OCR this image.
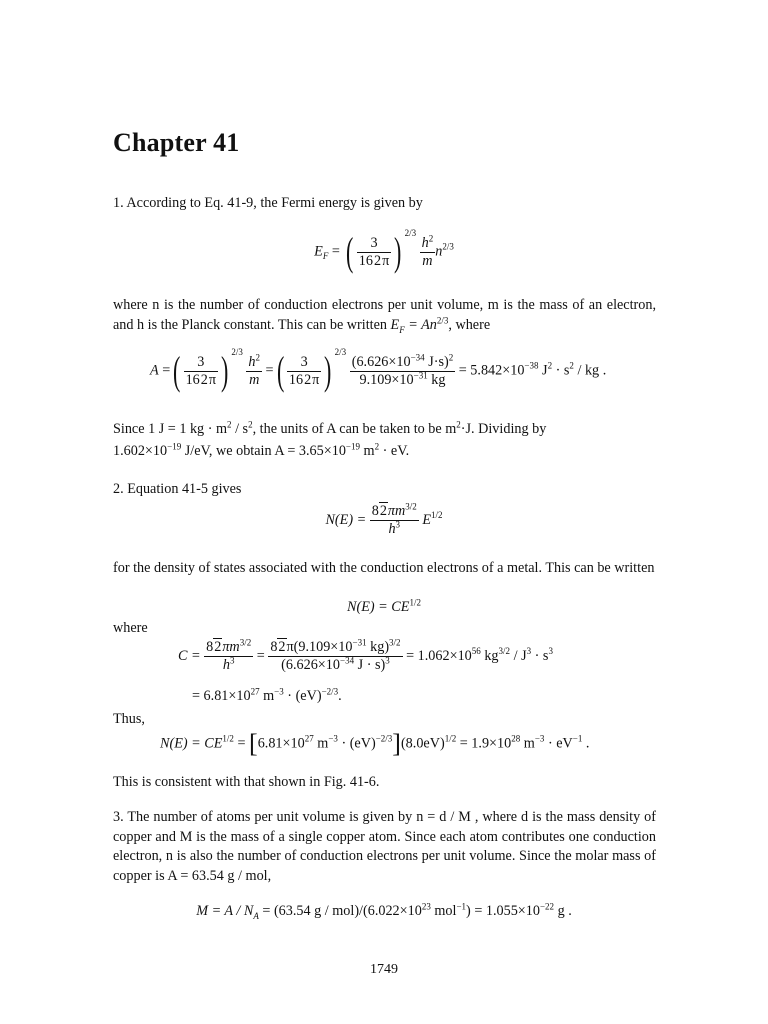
Chapter 41
1. According to Eq. 41-9, the Fermi energy is given by
$E_F$ = ( $\frac{3}{162\pi}$ ) $^{2/3}$
$\frac{h^2}{m} n^{2/3}$
where n is the number of conduction electrons per unit volume, m is the mass of an electron, and h is the Planck constant. This can be written $E_F = An^{2/3}$, where
A =( $\frac{3}{162\pi}$ ) $^{2/3}$
$\frac{h^2}{m}$ =( $\frac{3}{162\pi}$ ) $^{2/3}$
$\frac{(6.626\times 10^{-34} J\cdot s)^2}{9.109\times 10^{-31} kg} = 5.842\times 10^{-38}$ $J^2 \cdot s^2$ / kg .
Since 1 J = 1 kg · $m^2 / s^2$, the units of A can be taken to be $m^2\cdot J$. Dividing by
$1.602\times 10^{-19}$ J/eV, we obtain $A = 3.65\times 10^{-19}$ $m^2$ · eV.
2. Equation 41-5 gives
$N(E) = \frac{82\pi m^{3/2}}{h^3} E^{1/2}$
for the density of states associated with the conduction electrons of a metal. This can be written
$N(E) = CE^{1/2}$
where
$C = \frac{82\pi m^{3/2}}{h^3} = \frac{82\pi(9.109\times 10^{-31} kg)^{3/2}}{(6.626\times 10^{-34} J \cdot s)^3} = 1.062\times 10^{56}$ $kg^{3/2} / J^3 \cdot s^3$
= $6.81\times 10^{27}$ $m^{-3} \cdot (eV)^{-2/3}$.
Thus,
$N(E) = CE^{1/2} = [6.81\times 10^{27}$ $m^{-3} \cdot (eV)^{-2/3}](8.0eV)^{1/2} = 1.9\times 10^{28}$ $m^{-3} \cdot eV^{-1}$ .
This is consistent with that shown in Fig. 41-6.
3. The number of atoms per unit volume is given by n = d / M , where d is the mass density of copper and M is the mass of a single copper atom. Since each atom contributes one conduction electron, n is also the number of conduction electrons per unit volume. Since the molar mass of copper is A = 63.54 g / mol,
$M = A / N_A = (63.54$ $g / mol)/(6.022\times 10^{23}$ $mol^{-1}) = 1.055\times 10^{-22}$ g .
1749
